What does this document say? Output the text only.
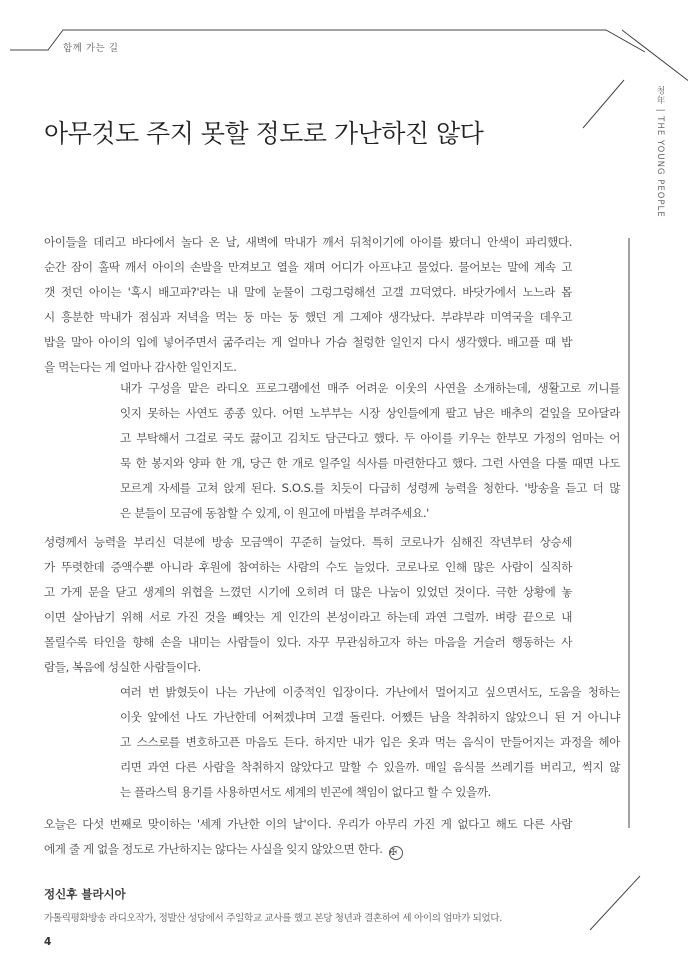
함께 가는 길
청年 | THE YOUNG PEOPLE
아무것도 주지 못할 정도로 가난하진 않다

아이들을 데리고 바다에서 놀다 온 날, 새벽에 막내가 깨서 뒤척이기에 아이를 봤더니 안색이 파리했다.
순간 잠이 홀딱 깨서 아이의 손발을 만져보고 열을 재며 어디가 아프냐고 물었다. 물어보는 말에 계속 고
갯 젓던 아이는 '혹시 배고파?'라는 내 말에 눈물이 그렁그렁해선 고갤 끄덕였다. 바닷가에서 노느라 몹
시 흥분한 막내가 점심과 저녁을 먹는 둥 마는 둥 했던 게 그제야 생각났다. 부랴부랴 미역국을 데우고
밥을 말아 아이의 입에 넣어주면서 굶주리는 게 얼마나 가슴 철렁한 일인지 다시 생각했다. 배고플 때 밥
을 먹는다는 게 얼마나 감사한 일인지도.

내가 구성을 맡은 라디오 프로그램에선 매주 어려운 이웃의 사연을 소개하는데, 생활고로 끼니를
잇지 못하는 사연도 종종 있다. 어떤 노부부는 시장 상인들에게 팔고 남은 배추의 겉잎을 모아달라
고 부탁해서 그걸로 국도 끓이고 김치도 담근다고 했다. 두 아이를 키우는 한부모 가정의 엄마는 어
묵 한 봉지와 양파 한 개, 당근 한 개로 일주일 식사를 마련한다고 했다. 그런 사연을 다룰 때면 나도
모르게 자세를 고쳐 앉게 된다. S.O.S.를 치듯이 다급히 성령께 능력을 청한다. '방송을 듣고 더 많
은 분들이 모금에 동참할 수 있게, 이 원고에 마법을 부려주세요.'

성령께서 능력을 부리신 덕분에 방송 모금액이 꾸준히 늘었다. 특히 코로나가 심해진 작년부터 상승세
가 뚜렷한데 증액수뿐 아니라 후원에 참여하는 사람의 수도 늘었다. 코로나로 인해 많은 사람이 실직하
고 가게 문을 닫고 생계의 위협을 느꼈던 시기에 오히려 더 많은 나눔이 있었던 것이다. 극한 상황에 놓
이면 살아남기 위해 서로 가진 것을 빼앗는 게 인간의 본성이라고 하는데 과연 그럴까. 벼랑 끝으로 내
몰릴수록 타인을 향해 손을 내미는 사람들이 있다. 자꾸 무관심하고자 하는 마음을 거슬러 행동하는 사
람들, 복음에 성실한 사람들이다.

여러 번 밝혔듯이 나는 가난에 이중적인 입장이다. 가난에서 멀어지고 싶으면서도, 도움을 청하는
이웃 앞에선 나도 가난한데 어쩌겠냐며 고갤 돌린다. 어쨌든 남을 착취하지 않았으니 된 거 아니냐
고 스스로를 변호하고픈 마음도 든다. 하지만 내가 입은 옷과 먹는 음식이 만들어지는 과정을 헤아
리면 과연 다른 사람을 착취하지 않았다고 말할 수 있을까. 매일 음식물 쓰레기를 버리고, 썩지 않
는 플라스틱 용기를 사용하면서도 세계의 빈곤에 책임이 없다고 할 수 있을까.

오늘은 다섯 번째로 맞이하는 '세계 가난한 이의 날'이다. 우리가 아무리 가진 게 없다고 해도 다른 사람
에게 줄 게 없을 정도로 가난하지는 않다는 사실을 잊지 않았으면 한다. ✠

정신후 블라시아
가톨릭평화방송 라디오작가, 정발산 성당에서 주일학교 교사를 했고 본당 청년과 결혼하여 세 아이의 엄마가 되었다.
4
